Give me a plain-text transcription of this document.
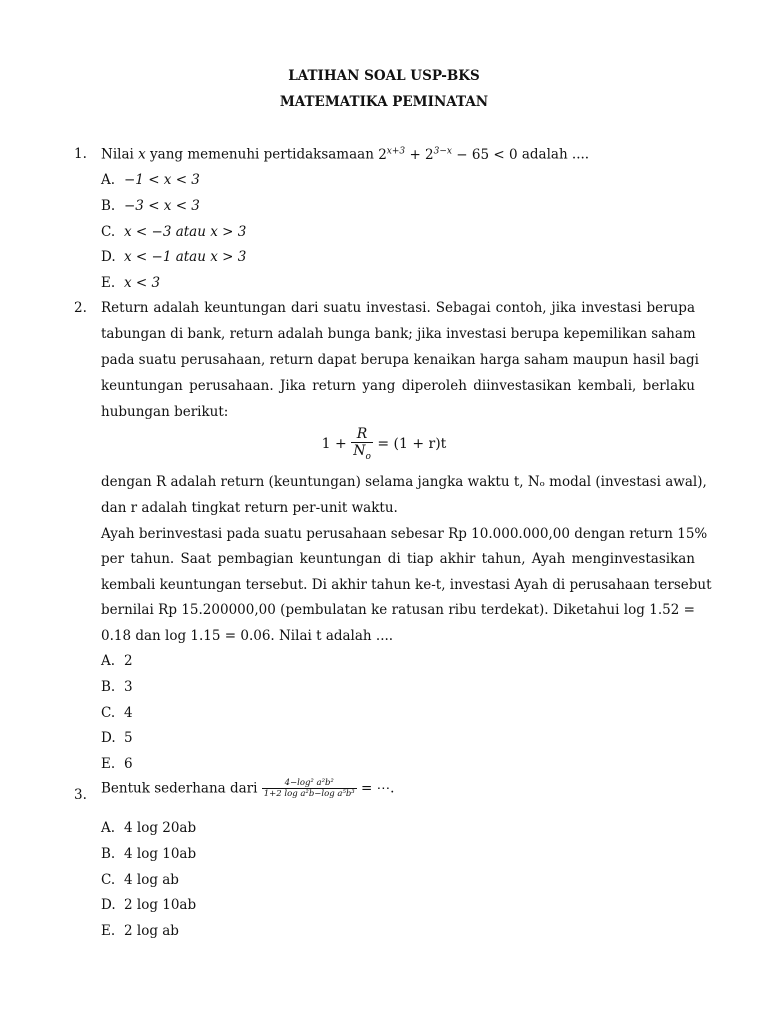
LATIHAN SOAL USP-BKS
MATEMATIKA PEMINATAN
1. Nilai x yang memenuhi pertidaksamaan $2^{x+3} + 2^{3-x} - 65 < 0$ adalah ....
A. −1 < x < 3
B. −3 < x < 3
C. x < −3 atau x > 3
D. x < −1 atau x > 3
E. x < 3
2. Return adalah keuntungan dari suatu investasi. Sebagai contoh, jika investasi berupa
tabungan di bank, return adalah bunga bank; jika investasi berupa kepemilikan saham
pada suatu perusahaan, return dapat berupa kenaikan harga saham maupun hasil bagi
keuntungan perusahaan. Jika return yang diperoleh diinvestasikan kembali, berlaku
hubungan berikut:
$1 + \frac{R}{N_o} = (1 + r)t$
dengan R adalah return (keuntungan) selama jangka waktu t, Nₒ modal (investasi awal),
dan r adalah tingkat return per-unit waktu.
Ayah berinvestasi pada suatu perusahaan sebesar Rp 10.000.000,00 dengan return 15%
per tahun. Saat pembagian keuntungan di tiap akhir tahun, Ayah menginvestasikan
kembali keuntungan tersebut. Di akhir tahun ke-t, investasi Ayah di perusahaan tersebut
bernilai Rp 15.200000,00 (pembulatan ke ratusan ribu terdekat). Diketahui log 1.52 =
0.18 dan log 1.15 = 0.06. Nilai t adalah ....
A. 2
B. 3
C. 4
D. 5
E. 6
3. Bentuk sederhana dari $\frac{\text{4−log² a²b²}}{\text{1+2 log a²b−log a⁵b³}}$ = ⋯.
A. 4 log 20ab
B. 4 log 10ab
C. 4 log ab
D. 2 log 10ab
E. 2 log ab
